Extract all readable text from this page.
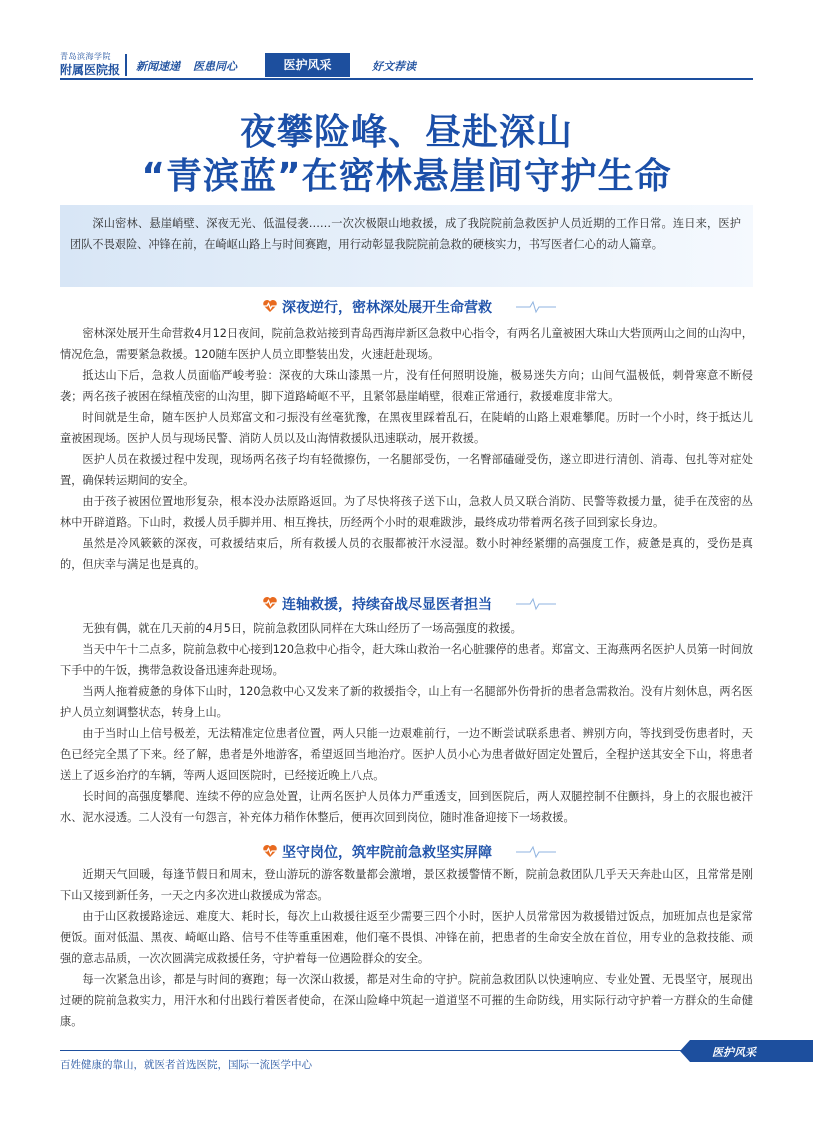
青岛滨海学院
附属医院报 新闻速递 医患同心	医护风采	好文荐读
夜攀险峰、昼赴深山
“青滨蓝”在密林悬崖间守护生命

深山密林、悬崖峭壁、深夜无光、低温侵袭……一次次极限山地救援，成了我院院前急救医护人员近期的工作日常。连日来，医护团队不畏艰险、冲锋在前，在崎岖山路上与时间赛跑，用行动彰显我院院前急救的硬核实力，书写医者仁心的动人篇章。

深夜逆行，密林深处展开生命营救

密林深处展开生命营救4月12日夜间，院前急救站接到青岛西海岸新区急救中心指令，有两名儿童被困大珠山大砦顶两山之间的山沟中，情况危急，需要紧急救援。120随车医护人员立即整装出发，火速赶赴现场。

抵达山下后，急救人员面临严峻考验：深夜的大珠山漆黑一片，没有任何照明设施，极易迷失方向；山间气温极低，刺骨寒意不断侵袭；两名孩子被困在绿植茂密的山沟里，脚下道路崎岖不平，且紧邻悬崖峭壁，很难正常通行，救援难度非常大。

时间就是生命，随车医护人员郑富文和刁振没有丝毫犹豫，在黑夜里踩着乱石，在陡峭的山路上艰难攀爬。历时一个小时，终于抵达儿童被困现场。医护人员与现场民警、消防人员以及山海情救援队迅速联动，展开救援。

医护人员在救援过程中发现，现场两名孩子均有轻微擦伤，一名腿部受伤，一名臀部磕碰受伤，遂立即进行清创、消毒、包扎等对症处置，确保转运期间的安全。

由于孩子被困位置地形复杂，根本没办法原路返回。为了尽快将孩子送下山，急救人员又联合消防、民警等救援力量，徒手在茂密的丛林中开辟道路。下山时，救援人员手脚并用、相互搀扶，历经两个小时的艰难跋涉，最终成功带着两名孩子回到家长身边。

虽然是冷风簌簌的深夜，可救援结束后，所有救援人员的衣服都被汗水浸湿。数小时神经紧绷的高强度工作，疲惫是真的，受伤是真的，但庆幸与满足也是真的。

连轴救援，持续奋战尽显医者担当

无独有偶，就在几天前的4月5日，院前急救团队同样在大珠山经历了一场高强度的救援。

当天中午十二点多，院前急救中心接到120急救中心指令，赶大珠山救治一名心脏骤停的患者。郑富文、王海燕两名医护人员第一时间放下手中的午饭，携带急救设备迅速奔赴现场。

当两人拖着疲惫的身体下山时，120急救中心又发来了新的救援指令，山上有一名腿部外伤骨折的患者急需救治。没有片刻休息，两名医护人员立刻调整状态，转身上山。

由于当时山上信号极差，无法精准定位患者位置，两人只能一边艰难前行，一边不断尝试联系患者、辨别方向，等找到受伤患者时，天色已经完全黑了下来。经了解，患者是外地游客，希望返回当地治疗。医护人员小心为患者做好固定处置后，全程护送其安全下山，将患者送上了返乡治疗的车辆，等两人返回医院时，已经接近晚上八点。

长时间的高强度攀爬、连续不停的应急处置，让两名医护人员体力严重透支，回到医院后，两人双腿控制不住颤抖，身上的衣服也被汗水、泥水浸透。二人没有一句怨言，补充体力稍作休整后，便再次回到岗位，随时准备迎接下一场救援。

坚守岗位，筑牢院前急救坚实屏障

近期天气回暖，每逢节假日和周末，登山游玩的游客数量都会激增，景区救援警情不断，院前急救团队几乎天天奔赴山区，且常常是刚下山又接到新任务，一天之内多次进山救援成为常态。

由于山区救援路途远、难度大、耗时长，每次上山救援往返至少需要三四个小时，医护人员常常因为救援错过饭点，加班加点也是家常便饭。面对低温、黑夜、崎岖山路、信号不佳等重重困难，他们毫不畏惧、冲锋在前，把患者的生命安全放在首位，用专业的急救技能、顽强的意志品质，一次次圆满完成救援任务，守护着每一位遇险群众的安全。

每一次紧急出诊，都是与时间的赛跑；每一次深山救援，都是对生命的守护。院前急救团队以快速响应、专业处置、无畏坚守，展现出过硬的院前急救实力，用汗水和付出践行着医者使命，在深山险峰中筑起一道道坚不可摧的生命防线，用实际行动守护着一方群众的生命健康。

医护风采
百姓健康的靠山，就医者首选医院，国际一流医学中心
